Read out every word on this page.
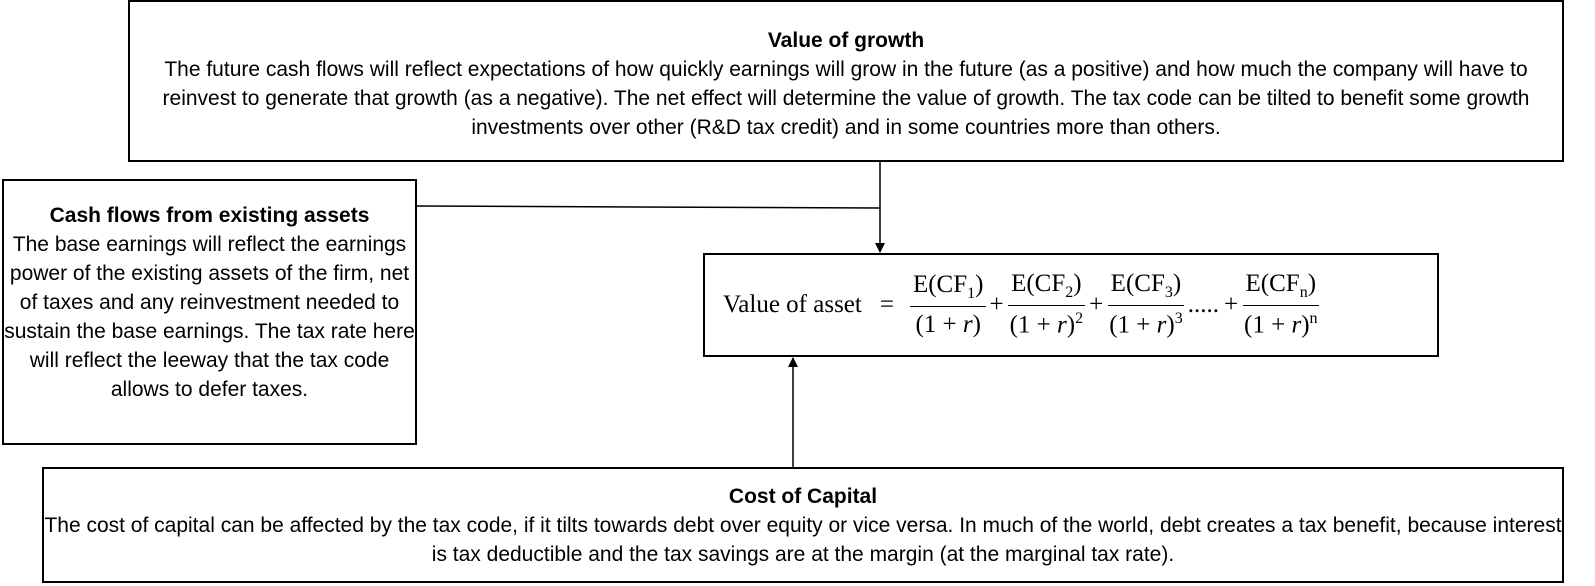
Value of growth
The future cash flows will reflect expectations of how quickly earnings will grow in the future (as a positive) and how much the company will have to reinvest to generate that growth (as a negative). The net effect will determine the value of growth. The tax code can be tilted to benefit some growth investments over other (R&D tax credit) and in some countries more than others.
Cash flows from existing assets
The base earnings will reflect the earnings power of the existing assets of the firm, net of taxes and any reinvestment needed to sustain the base earnings. The tax rate here will reflect the leeway that the tax code allows to defer taxes.
Value of asset = $\frac{E(CF_1)}{(1 + r)} + \frac{E(CF_2)}{(1 + r)^2} + \frac{E(CF_3)}{(1 + r)^3}$ ..... + $\frac{E(CF_n)}{(1 + r)^n}$
Cost of Capital
The cost of capital can be affected by the tax code, if it tilts towards debt over equity or vice versa. In much of the world, debt creates a tax benefit, because interest is tax deductible and the tax savings are at the margin (at the marginal tax rate).
